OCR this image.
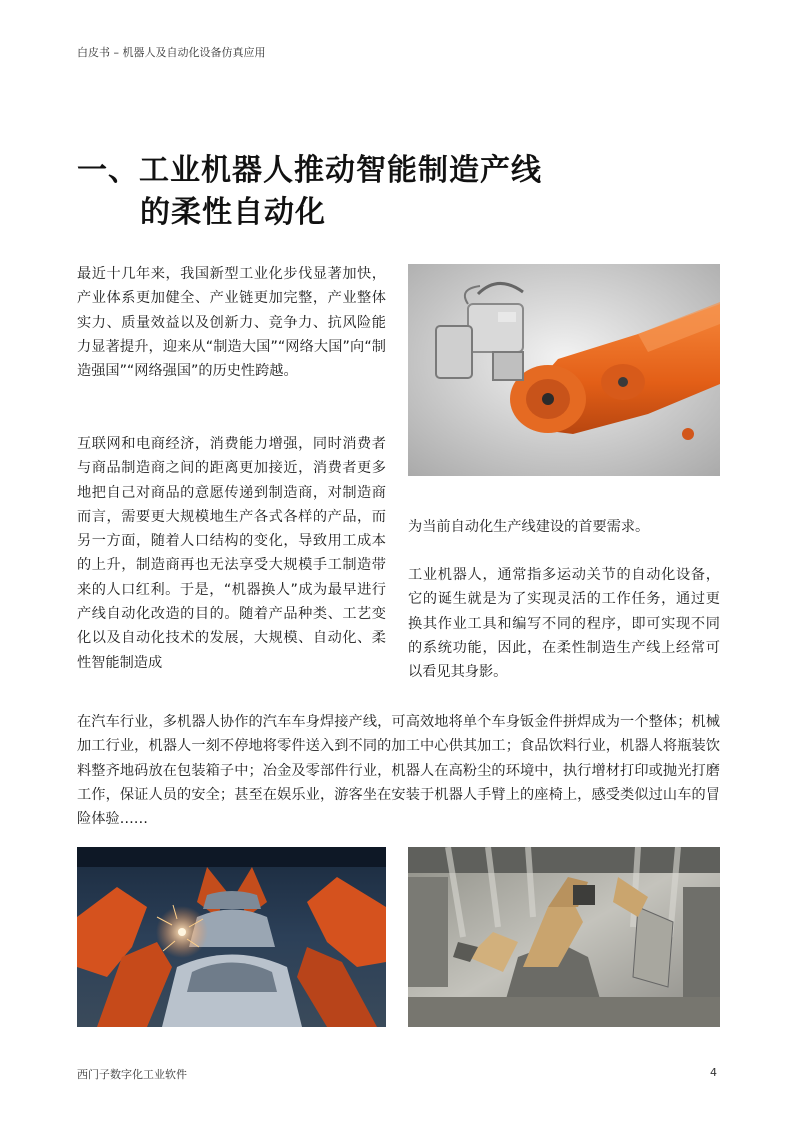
白皮书 – 机器人及自动化设备仿真应用
一、工业机器人推动智能制造产线
的柔性自动化

最近十几年来，我国新型工业化步伐显著加快，产业体系更加健全、产业链更加完整，产业整体实力、质量效益以及创新力、竞争力、抗风险能力显著提升，迎来从“制造大国”“网络大国”向“制造强国”“网络强国”的历史性跨越。

互联网和电商经济，消费能力增强，同时消费者与商品制造商之间的距离更加接近，消费者更多地把自己对商品的意愿传递到制造商，对制造商而言，需要更大规模地生产各式各样的产品，而另一方面，随着人口结构的变化，导致用工成本的上升，制造商再也无法享受大规模手工制造带来的人口红利。于是，“机器换人”成为最早进行产线自动化改造的目的。随着产品种类、工艺变化以及自动化技术的发展，大规模、自动化、柔性智能制造成

为当前自动化生产线建设的首要需求。

工业机器人，通常指多运动关节的自动化设备，它的诞生就是为了实现灵活的工作任务，通过更换其作业工具和编写不同的程序，即可实现不同的系统功能，因此，在柔性制造生产线上经常可以看见其身影。

在汽车行业，多机器人协作的汽车车身焊接产线，可高效地将单个车身钣金件拼焊成为一个整体；机械加工行业，机器人一刻不停地将零件送入到不同的加工中心供其加工；食品饮料行业，机器人将瓶装饮料整齐地码放在包装箱子中；冶金及零部件行业，机器人在高粉尘的环境中，执行增材打印或抛光打磨工作，保证人员的安全；甚至在娱乐业，游客坐在安装于机器人手臂上的座椅上，感受类似过山车的冒险体验……

西门子数字化工业软件	4
